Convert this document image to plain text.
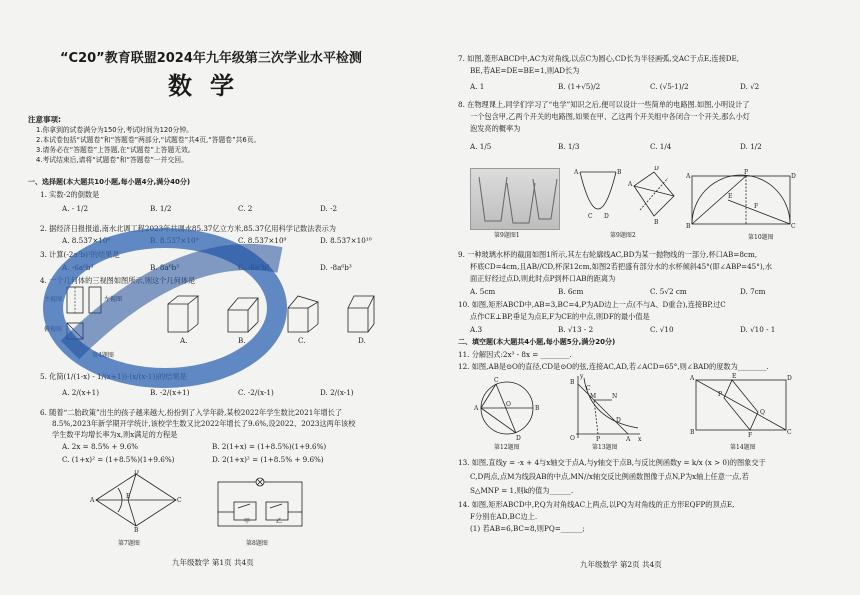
“C20”教育联盟2024年九年级第三次学业水平检测
数学
注意事项:
1.你拿到的试卷满分为150分,考试时间为120分钟。
2.本试卷包括“试题卷”和“答题卷”两部分,“试题卷”共4页,“答题卷”共6页。
3.请务必在“答题卷”上答题,在“试题卷”上答题无效。
4.考试结束后,请将“试题卷”和“答题卷”一并交回。
一、选择题(本大题共10小题,每小题4分,满分40分)
1. 实数-2的倒数是
A. - 1/2	B. 1/2	C. 2	D. -2
2. 据经济日报报道,南水北调工程2023年共调水85.37亿立方米,85.37亿用科学记数法表示为
A. 8.537×10⁸	B. 8.537×10⁹	C. 8.537×10⁹	D. 8.537×10¹⁰
3. 计算(-2a²b)³的结果是
A. -6a⁶b³	B. 8a⁶b³	C. -6a⁵b³	D. -8a⁶b³
4. 一个几何体的三视图如图所示,则这个几何体是
主视图	左视图
俯视图
第4题图
A.	B.	C.	D.
5. 化简(1/(1-x) - 1/(x+1))·(x/(x-1))的结果是
A. 2/(x+1)	B. -2/(x+1)	C. -2/(x-1)	D. 2/(x-1)
6. 随着“二胎政策”出生的孩子越来越大,扮扮到了入学年龄,某校2022年学生数比2021年增长了
8.5%,2023年新学期开学统计,该校学生数又比2022年增长了9.6%,设2022、2023这两年该校
学生数平均增长率为x,则x满足的方程是
A. 2x = 8.5% + 9.6%	B. 2(1+x) = (1+8.5%)(1+9.6%)
C. (1+x)² = (1+8.5%)(1+9.6%)	D. 2(1+x)² = (1+8.5% + 9.6%)
A
D
C
B
E
第7题图
甲	乙
第8题图
九年级数学 第1页 共4页
7. 如图,菱形ABCD中,AC为对角线,以点C为圆心,CD长为半径画弧,交AC于点E,连接DE,
BE,若AE=DE=BE=1,则AD长为
A. 1	B. (1+√5)/2	C. (√5-1)/2	D. √2
8. 在物理课上,同学们学习了“电学”知识之后,便可以设计一些简单的电路图.如图,小明设计了
一个包含甲,乙两个开关的电路图,如果在甲、乙这两个开关组中各闭合一个开关,那么小灯
泡发亮的概率为
A. 1/5	B. 1/3	C. 1/4	D. 1/2
第9题图1
A	B
C D
A
D
B
第9题图2
A
P
D
B	C
E
F
第10题图
9. 一种玻璃水杯的截面如图1所示,其左右轮廓线AC,BD为某一抛物线的一部分,杯口AB=8cm,
杯底CD=4cm,且AB//CD,杯深12cm,如图2若把盛有部分水的水杯倾斜45°(即∠ABP=45°),水
面正好经过点D,则此时点P到杯口AB的距离为
A. 5cm	B. 6cm	C. 5√2 cm	D. 7cm
10. 如图,矩形ABCD中,AB=3,BC=4,P为AD边上一点(不与A、D重合),连接BP,过C
点作CE⊥BP,垂足为点E,F为CE的中点,则DF的最小值是
A.3	B. √13 - 2	C. √10	D. √10 - 1
二、填空题(本大题共4小题,每小题5分,满分20分)
11. 分解因式:2x³ - 8x = ________.
12. 如图,AB是⊙O的直径,CD是⊙O的弦,连接AC,AD,若∠ACD=65°,则∠BAD的度数为________.
A	B
O
C
D
第12题图
B
N
M
O	P	A x
y
C
D
第13题图
A	E	D
B	F	C
P
Q
第14题图
13. 如图,直线y = -x + 4与x轴交于点A,与y轴交于点B,与反比例函数y = k/x (x > 0)的图象交于
C,D两点,点M为线段AB的中点,MN//x轴交反比例函数图像于点N,P为x轴上任意一点,若
S△MNP = 1,则k的值为______.
14. 如图,矩形ABCD中,P,Q为对角线AC上两点,以PQ为对角线的正方形EQFP的顶点E,
F分别在AD,BC边上.
(1) 若AB=6,BC=8,则PQ=______;
九年级数学 第2页 共4页
